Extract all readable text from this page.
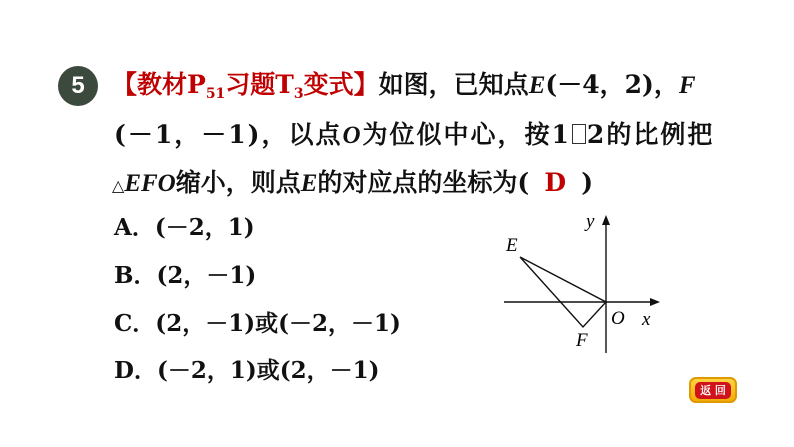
5	【教材$P_{51}$习题$T_3$变式】如图，已知点E(－4，2)，F
(－1，－1)，以点O为位似中心，按1 2的比例把
△EFO缩小，则点E的对应点的坐标为( D )
A．(－2，1)
B．(2，－1)
C．(2，－1)或(－2，－1)
D．(－2，1)或(2，－1)
E
F
O x
y
返 回
